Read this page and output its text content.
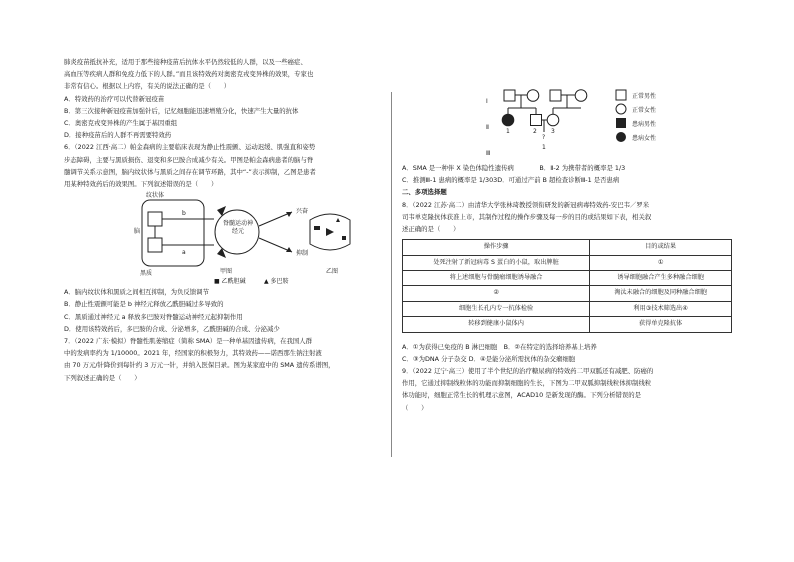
肺炎疫苗抵抗补充，适用于那些接种疫苗后抗体水平仍然较低的人群，以及一些癌症、

高血压等疾病人群和免疫力低下的人群。”而且该特效药对奥密克戎变异株的效果，专家也

非常有信心。根据以上内容，有关的说法正确的是（　　）

A．特效药的治疗可以代替新冠疫苗

B．第三次接种新冠疫苗加强针后，记忆细胞能迅速增殖分化，快速产生大量的抗体

C．奥密克戎变异株的产生属于基因重组

D．接种疫苗后的人群不再需要特效药

6．（2022 江西·高二）帕金森病的主要临床表现为静止性震颤、运动迟缓、肌强直和姿势

步态障碍，主要与黑质损伤、退变和多巴胺合成减少有关。甲图是帕金森病患者的脑与脊

髓调节关系示意图，脑内纹状体与黑质之间存在调节环路，其中“-”表示抑制，乙图是患者

用某种特效药后的效果图。下列叙述错误的是（　　）

纹状体
脑
黑质
b
a
脊髓运动神经元
兴奋
抑制
甲图	乙图
■ 乙酰胆碱	▲ 多巴胺

A．脑内纹状体和黑质之间相互抑制，为负反馈调节

B．静止性震颤可能是 b 神经元释放乙酰胆碱过多导致的

C．黑质通过神经元 a 释放多巴胺对脊髓运动神经元起抑制作用

D．使用该特效药后，多巴胺的合成、分泌增多，乙酰胆碱的合成、分泌减少

7．（2022 广东·模拟）脊髓性肌萎缩症（简称 SMA）是一种单基因遗传病，在我国人群

中的发病率约为 1/10000。2021 年，经国家的积极努力，其特效药——诺西那生钠注射液

由 70 万元/针降价到每针约 3 万元一针，并纳入医保目录。图为某家庭中的 SMA 遗传系谱图，

下列叙述正确的是（　　）

Ⅰ
Ⅱ
Ⅲ
1	2 3
?
1
正常男性
正常女性
患病男性
患病女性

A．SMA 是一种伴 X 染色体隐性遗传病　　　　B．Ⅱ-2 为携带者的概率是 1/3

C．推测Ⅲ-1 患病的概率是 1/303D．可通过产前 B 超检查诊断Ⅲ-1 是否患病

二、多项选择题

8．（2022 江苏·高二）由清华大学张林琦教授领衔研发的新冠病毒特效药-安巴韦／罗米

司韦单克隆抗体获准上市，其制作过程的操作步骤及每一步的目的或结果如下表，相关叙

述正确的是（　　）

操作步骤	目的或结果
处死注射了新冠病毒 S 蛋白的小鼠，取出脾脏	①
将上述细胞与骨髓瘤细胞诱导融合	诱导细胞融合产生多种融合细胞
②	淘汰未融合的细胞及同种融合细胞
细胞生长孔内专一抗体检验	利用③技术筛选出④
转移到健康小鼠体内	获得单克隆抗体

A．①为获得已免疫的 B 淋巴细胞　B．②在特定的选择培养基上培养

C．③为DNA 分子杂交 D．④是能分泌所需抗体的杂交瘤细胞

9．（2022 辽宁·高三）使用了半个世纪的治疗糖尿病的特效药二甲双胍还有减肥、防癌的

作用，它通过抑制线粒体的功能而抑制细胞的生长，下图为二甲双胍抑制线粒体抑制线粒

体功能时，细胞正常生长的机理示意图，ACAD10 是新发现的酶。下列分析错误的是

（　　）
